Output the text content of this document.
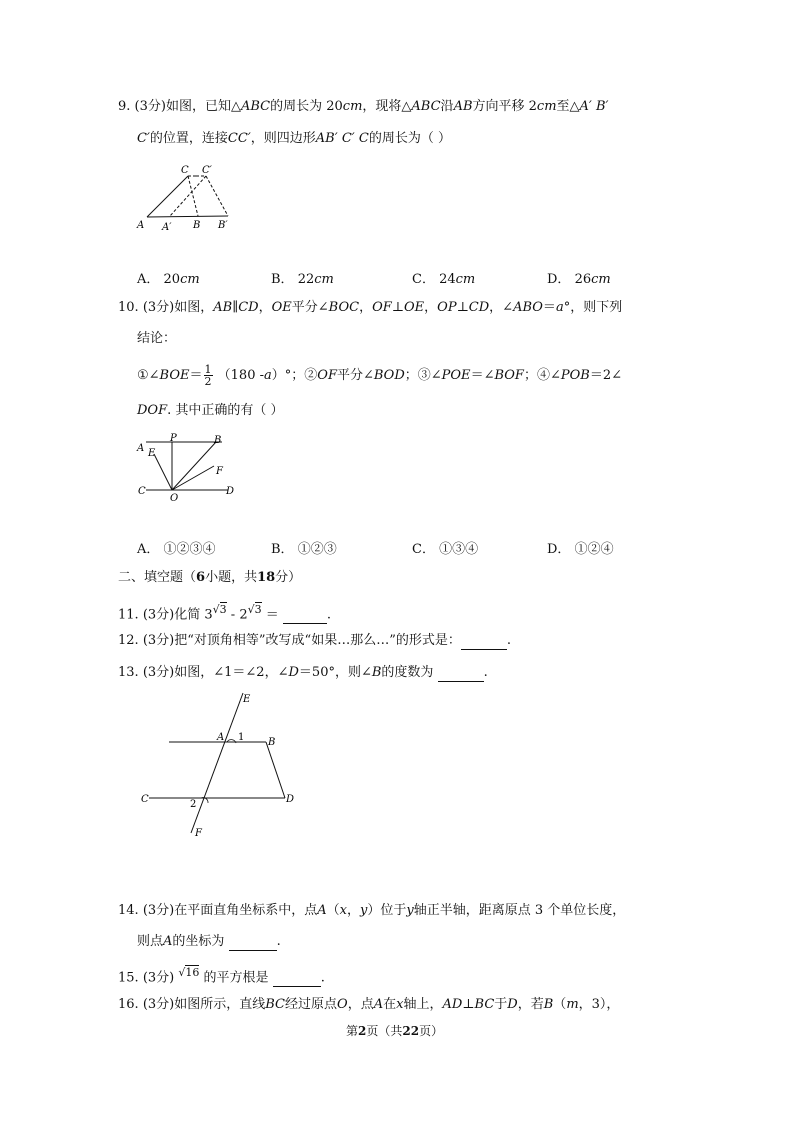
9. (3分)如图，已知△ABC的周长为 20cm，现将△ABC沿AB方向平移 2cm至△A′ B′
C′的位置，连接CC′，则四边形AB′ C′ C的周长为（ ）
C C′
A A′ B B′
A． 20cm	B． 22cm	C． 24cm	D． 26cm
10. (3分)如图，AB∥CD，OE平分∠BOC，OF⊥OE，OP⊥CD，∠ABO＝a°，则下列
结论：
①∠BOE＝ $\frac{1}{2} (180$ -a）°；②OF平分∠BOD；③∠POE＝∠BOF；④∠POB＝2∠
DOF. 其中正确的有（ ）
A
P	B
E
F
C
O
D
A． ①②③④	B． ①②③	C． ①③④	D． ①②④
二、填空题（6小题，共18分）
11. (3分)化简 3√3 - 2√3 ＝	.
12. (3分)把“对顶角相等”改写成“如果…那么…”的形式是：	.
13. (3分)如图，∠1＝∠2，∠D＝50°，则∠B的度数为	.
E
A 1 B
C	2	D
F
14. (3分)在平面直角坐标系中，点A（x，y）位于y轴正半轴，距离原点 3 个单位长度，
则点A的坐标为	.
15. (3分) √16 的平方根是	.
16. (3分)如图所示，直线BC经过原点O，点A在x轴上，AD⊥BC于D，若B（m，3），
第2页（共22页）
